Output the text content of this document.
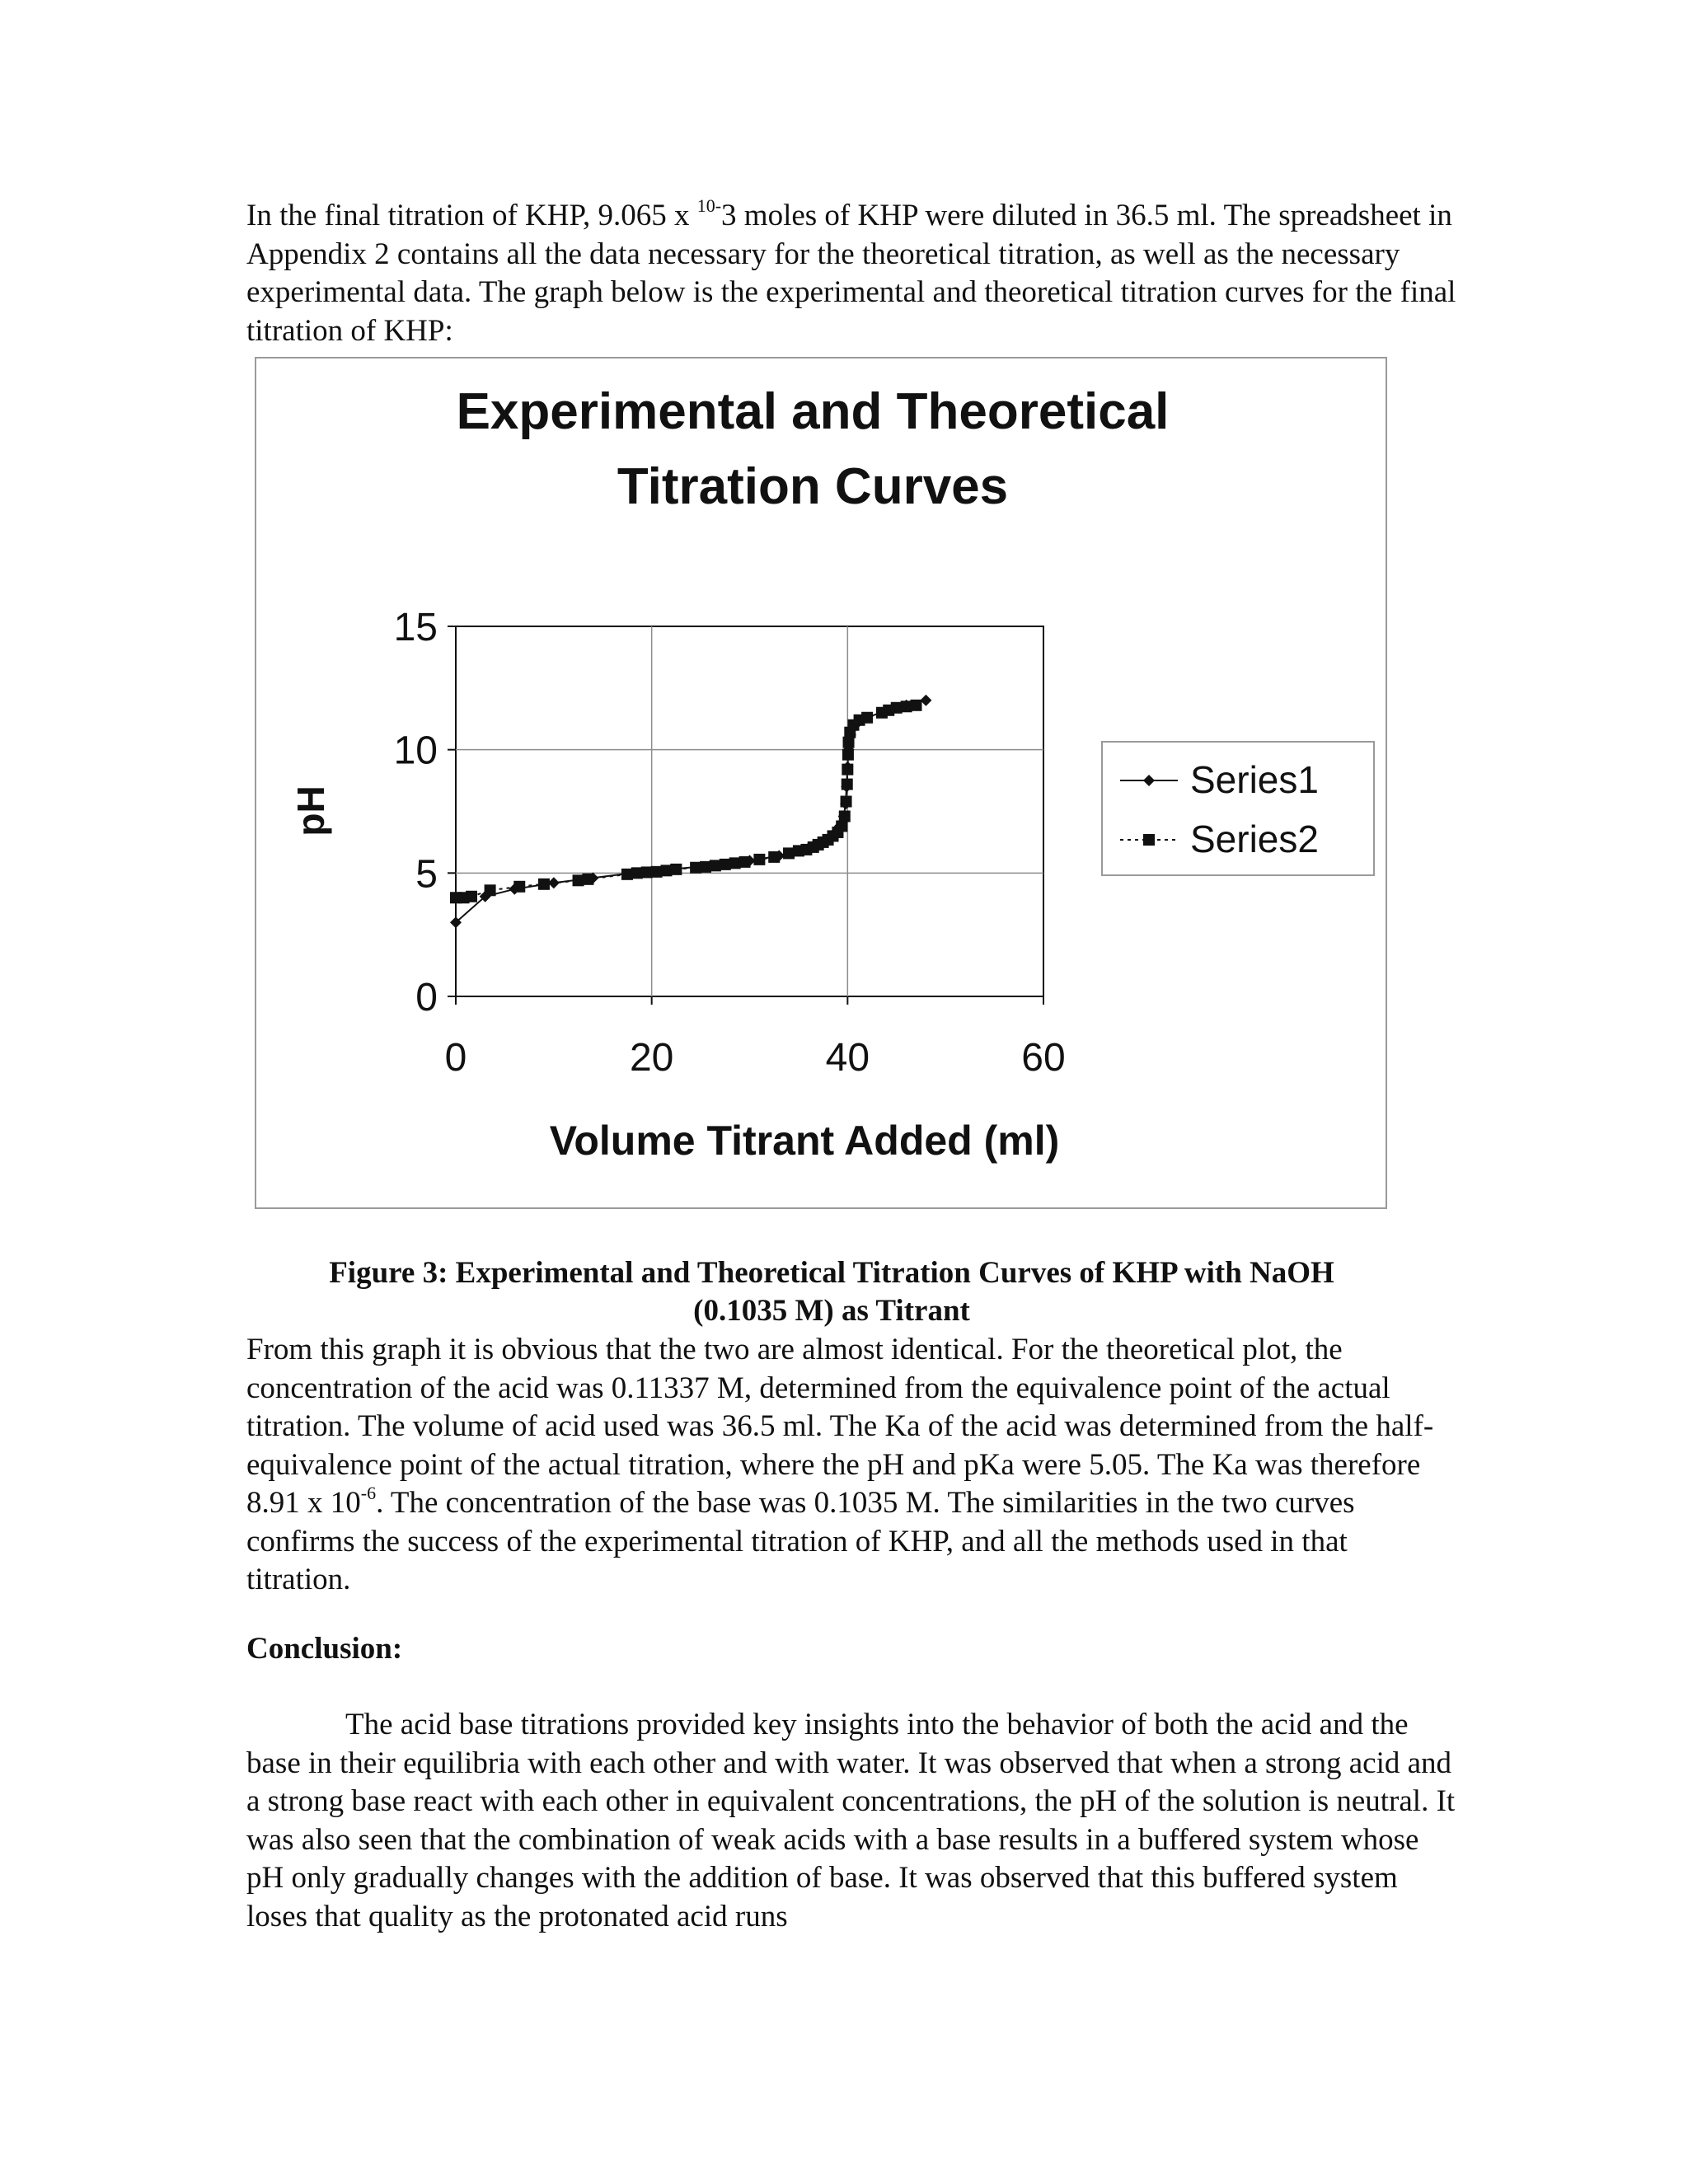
In the final titration of KHP, 9.065 x $^{10-}$3 moles of KHP were diluted in 36.5 ml. The spreadsheet in Appendix 2 contains all the data necessary for the theoretical titration, as well as the necessary experimental data. The graph below is the experimental and theoretical titration curves for the final titration of KHP:

Experimental and Theoretical
Titration Curves
0
5
10
15
0	20	40	60
pH
Volume Titrant Added (ml)
Series1
Series2

Figure 3: Experimental and Theoretical Titration Curves of KHP with NaOH
(0.1035 M) as Titrant

From this graph it is obvious that the two are almost identical. For the theoretical plot, the concentration of the acid was 0.11337 M, determined from the equivalence point of the actual titration. The volume of acid used was 36.5 ml. The Ka of the acid was determined from the half-equivalence point of the actual titration, where the pH and pKa were 5.05. The Ka was therefore 8.91 x $10^{-6}$. The concentration of the base was 0.1035 M. The similarities in the two curves confirms the success of the experimental titration of KHP, and all the methods used in that titration.

Conclusion:

The acid base titrations provided key insights into the behavior of both the acid and the base in their equilibria with each other and with water. It was observed that when a strong acid and a strong base react with each other in equivalent concentrations, the pH of the solution is neutral. It was also seen that the combination of weak acids with a base results in a buffered system whose pH only gradually changes with the addition of base. It was observed that this buffered system loses that quality as the protonated acid runs
